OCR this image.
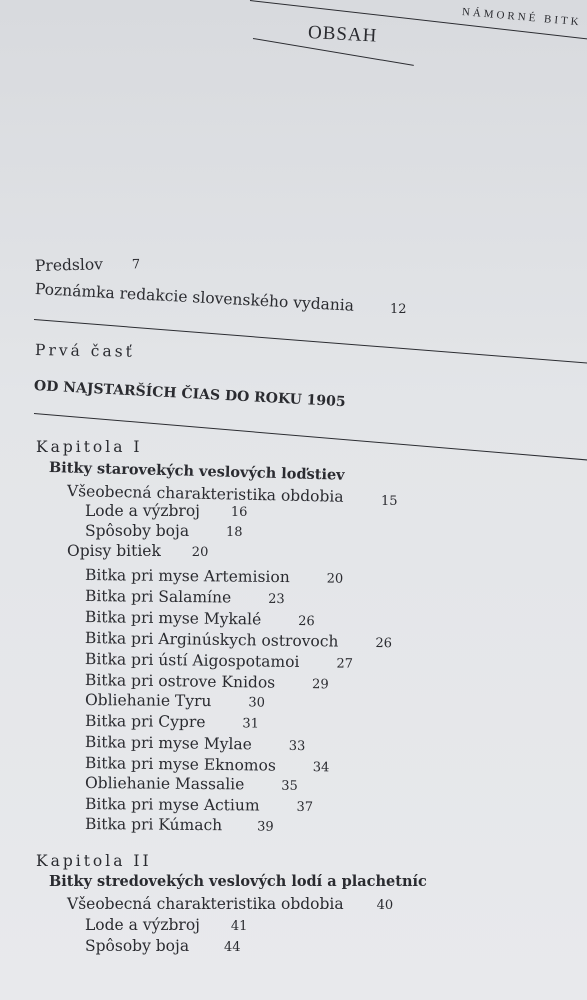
NÁMORNÉ BITK
OBSAH
Predslov 7
Poznámka redakcie slovenského vydania	12
Prvá časť
OD NAJSTARŠÍCH ČIAS DO ROKU 1905
Kapitola I
Bitky starovekých veslových loďstiev
Všeobecná charakteristika obdobia	15
Lode a výzbroj 16
Spôsoby boja	18
Opisy bitiek 20
Bitka pri myse Artemision	20
Bitka pri Salamíne	23
Bitka pri myse Mykalé	26
Bitka pri Arginúskych ostrovoch	26
Bitka pri ústí Aigospotamoi	27
Bitka pri ostrove Knidos	29
Obliehanie Tyru	30
Bitka pri Cypre	31
Bitka pri myse Mylae	33
Bitka pri myse Eknomos	34
Obliehanie Massalie	35
Bitka pri myse Actium	37
Bitka pri Kúmach	39
Kapitola II
Bitky stredovekých veslových lodí a plachetníc
Všeobecná charakteristika obdobia	40
Lode a výzbroj 41
Spôsoby boja	44
